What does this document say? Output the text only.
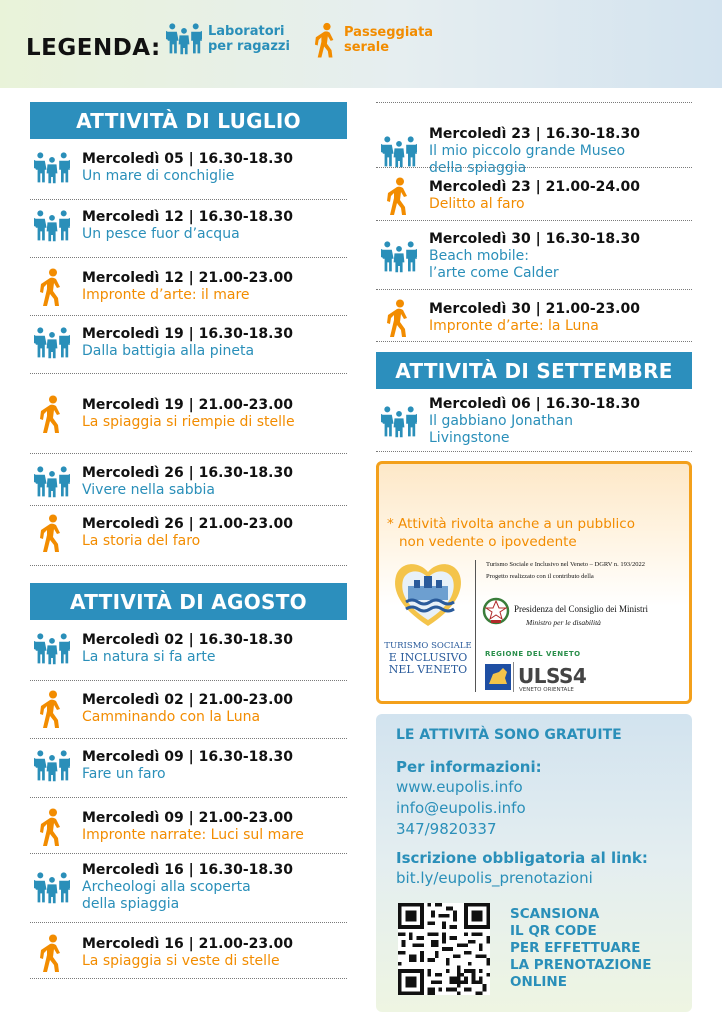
LEGENDA:
Laboratori
per ragazzi
Passeggiata
serale
ATTIVITÀ DI LUGLIO
ATTIVITÀ DI AGOSTO
ATTIVITÀ DI SETTEMBRE
Mercoledì 05 | 16.30-18.30
Un mare di conchiglie
Mercoledì 12 | 16.30-18.30
Un pesce fuor d’acqua
Mercoledì 12 | 21.00-23.00
Impronte d’arte: il mare
Mercoledì 19 | 16.30-18.30
Dalla battigia alla pineta
Mercoledì 19 | 21.00-23.00
La spiaggia si riempie di stelle
Mercoledì 26 | 16.30-18.30
Vivere nella sabbia
Mercoledì 26 | 21.00-23.00
La storia del faro
Mercoledì 02 | 16.30-18.30
La natura si fa arte
Mercoledì 02 | 21.00-23.00
Camminando con la Luna
Mercoledì 09 | 16.30-18.30
Fare un faro
Mercoledì 09 | 21.00-23.00
Impronte narrate: Luci sul mare
Mercoledì 16 | 16.30-18.30
Archeologi alla scoperta
della spiaggia
Mercoledì 16 | 21.00-23.00
La spiaggia si veste di stelle
Mercoledì 23 | 16.30-18.30
Il mio piccolo grande Museo
della spiaggia
Mercoledì 23 | 21.00-24.00
Delitto al faro
Mercoledì 30 | 16.30-18.30
Beach mobile:
l’arte come Calder
Mercoledì 30 | 21.00-23.00
Impronte d’arte: la Luna
Mercoledì 06 | 16.30-18.30
Il gabbiano Jonathan
Livingstone
* Attività rivolta anche a un pubblico
non vedente o ipovedente
TURISMO SOCIALE
E INCLUSIVO
NEL VENETO
Turismo Sociale e Inclusivo nel Veneto – DGRV n. 193/2022
Progetto realizzato con il contributo della
Presidenza del Consiglio dei Ministri
Ministro per le disabilità
REGIONE DEL VENETO
ULSS4
VENETO ORIENTALE
LE ATTIVITÀ SONO GRATUITE
Per informazioni:
www.eupolis.info
info@eupolis.info
347/9820337
Iscrizione obbligatoria al link:
bit.ly/eupolis_prenotazioni
SCANSIONA
IL QR CODE
PER EFFETTUARE
LA PRENOTAZIONE
ONLINE
